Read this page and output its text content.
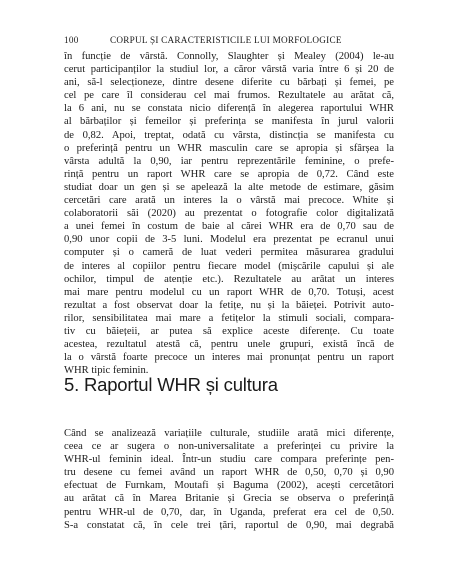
100	CORPUL ȘI CARACTERISTICILE LUI MORFOLOGICE
în funcție de vârstă. Connolly, Slaughter și Mealey (2004) le-au
cerut participanților la studiul lor, a căror vârstă varia între 6 și 20 de
ani, să-l selecționeze, dintre desene diferite cu bărbați și femei, pe
cel pe care îl considerau cel mai frumos. Rezultatele au arătat că,
la 6 ani, nu se constata nicio diferență în alegerea raportului WHR
al bărbaților și femeilor și preferința se manifesta în jurul valorii
de 0,82. Apoi, treptat, odată cu vârsta, distincția se manifesta cu
o preferință pentru un WHR masculin care se apropia și sfârșea la
vârsta adultă la 0,90, iar pentru reprezentările feminine, o prefe-
rință pentru un raport WHR care se apropia de 0,72. Când este
studiat doar un gen și se apelează la alte metode de estimare, găsim
cercetări care arată un interes la o vârstă mai precoce. White și
colaboratorii săi (2020) au prezentat o fotografie color digitalizată
a unei femei în costum de baie al cărei WHR era de 0,70 sau de
0,90 unor copii de 3-5 luni. Modelul era prezentat pe ecranul unui
computer și o cameră de luat vederi permitea măsurarea gradului
de interes al copiilor pentru fiecare model (mișcările capului și ale
ochilor, timpul de atenție etc.). Rezultatele au arătat un interes
mai mare pentru modelul cu un raport WHR de 0,70. Totuși, acest
rezultat a fost observat doar la fetițe, nu și la băieței. Potrivit auto-
rilor, sensibilitatea mai mare a fetițelor la stimuli sociali, compara-
tiv cu băiețeii, ar putea să explice aceste diferențe. Cu toate
acestea, rezultatul atestă că, pentru unele grupuri, există încă de
la o vârstă foarte precoce un interes mai pronunțat pentru un raport
WHR tipic feminin.
5. Raportul WHR și cultura
Când se analizează variațiile culturale, studiile arată mici diferențe,
ceea ce ar sugera o non-universalitate a preferinței cu privire la
WHR-ul feminin ideal. Într-un studiu care compara preferințe pen-
tru desene cu femei având un raport WHR de 0,50, 0,70 și 0,90
efectuat de Furnkam, Moutafi și Baguma (2002), acești cercetători
au arătat că în Marea Britanie și Grecia se observa o preferință
pentru WHR-ul de 0,70, dar, în Uganda, preferat era cel de 0,50.
S-a constatat că, în cele trei țări, raportul de 0,90, mai degrabă
